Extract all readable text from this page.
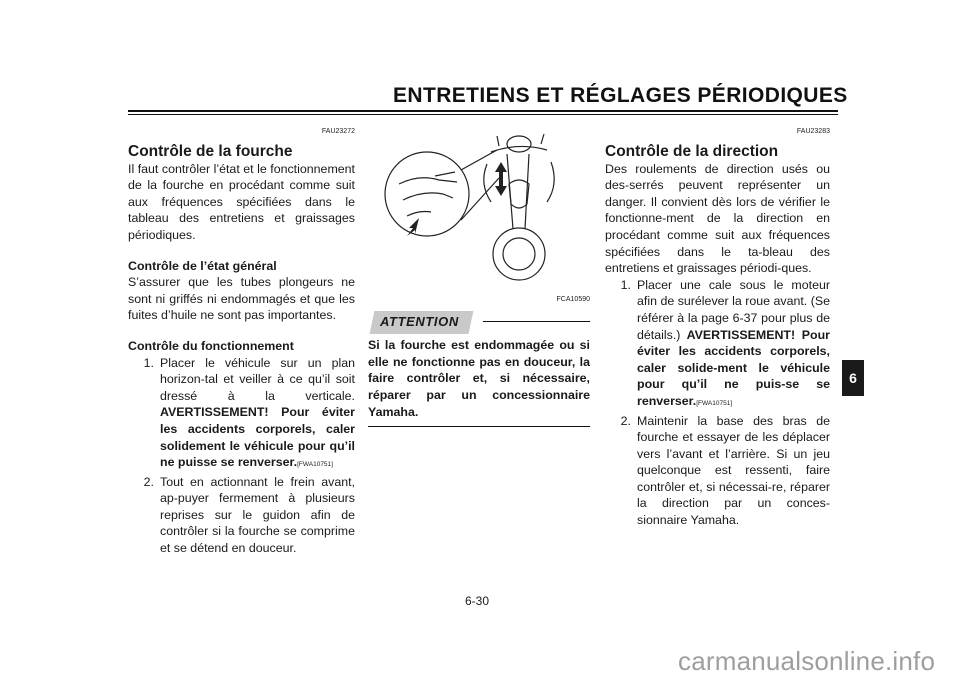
ENTRETIENS ET RÉGLAGES PÉRIODIQUES
FAU23272
Contrôle de la fourche

Il faut contrôler l’état et le fonctionnement de la fourche en procédant comme suit aux fréquences spécifiées dans le tableau des entretiens et graissages périodiques.

Contrôle de l’état général

S’assurer que les tubes plongeurs ne sont ni griffés ni endommagés et que les fuites d’huile ne sont pas importantes.

Contrôle du fonctionnement
1. Placer le véhicule sur un plan horizon-tal et veiller à ce qu’il soit dressé à la verticale. AVERTISSEMENT! Pour éviter les accidents corporels, caler solidement le véhicule pour qu’il ne puisse se renverser.[FWA10751]
2. Tout en actionnant le frein avant, ap-puyer fermement à plusieurs reprises sur le guidon afin de contrôler si la fourche se comprime et se détend en douceur.
FCA10590
ATTENTION
Si la fourche est endommagée ou si elle ne fonctionne pas en douceur, la faire contrôler et, si nécessaire, réparer par un concessionnaire Yamaha.
FAU23283
Contrôle de la direction

Des roulements de direction usés ou des-serrés peuvent représenter un danger. Il convient dès lors de vérifier le fonctionne-ment de la direction en procédant comme suit aux fréquences spécifiées dans le ta-bleau des entretiens et graissages périodi-ques.

1. Placer une cale sous le moteur afin de surélever la roue avant. (Se référer à la page 6-37 pour plus de détails.) AVERTISSEMENT! Pour éviter les accidents corporels, caler solide-ment le véhicule pour qu’il ne puis-se se renverser.[FWA10751]
2. Maintenir la base des bras de fourche et essayer de les déplacer vers l’avant et l’arrière. Si un jeu quelconque est ressenti, faire contrôler et, si nécessai-re, réparer la direction par un conces-sionnaire Yamaha.
6
6-30
carmanualsonline.info
